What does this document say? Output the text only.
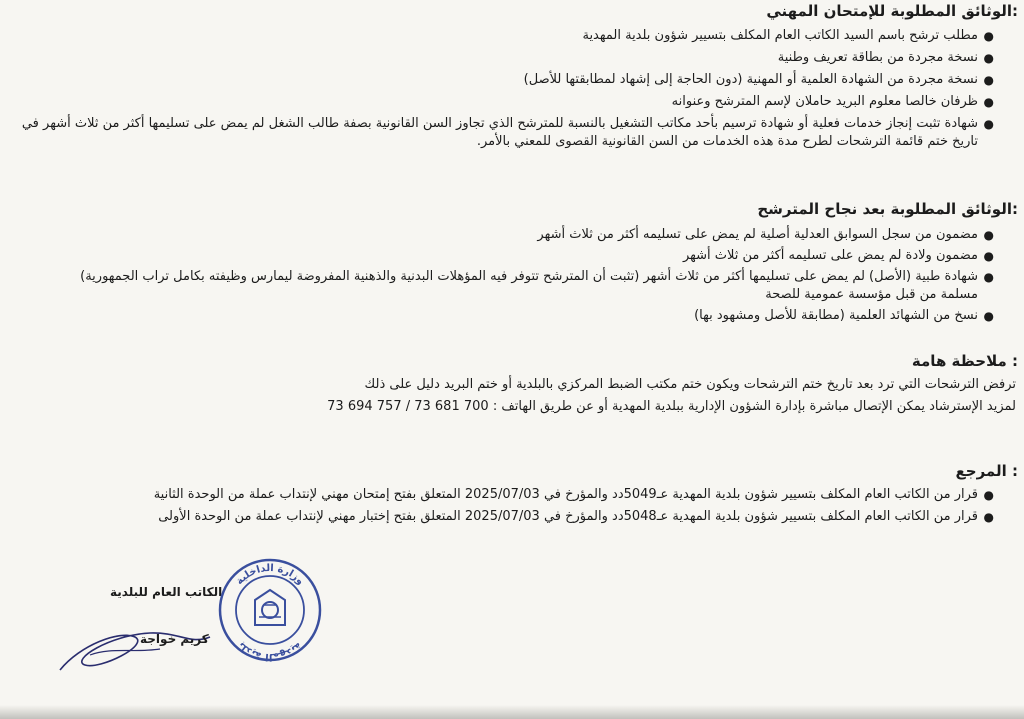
الوثائق المطلوبة للإمتحان المهني:
●
مطلب ترشح باسم السيد الكاتب العام المكلف بتسيير شؤون بلدية المهدية
●
نسخة مجردة من بطاقة تعريف وطنية
●
نسخة مجردة من الشهادة العلمية أو المهنية (دون الحاجة إلى إشهاد لمطابقتها للأصل)
●
ظرفان خالصا معلوم البريد حاملان لإسم المترشح وعنوانه
●
شهادة تثبت إنجاز خدمات فعلية أو شهادة ترسيم بأحد مكاتب التشغيل بالنسبة للمترشح الذي تجاوز السن القانونية بصفة طالب الشغل لم يمض على تسليمها أكثر من ثلاث أشهر في تاريخ ختم قائمة الترشحات لطرح مدة هذه الخدمات من السن القانونية القصوى للمعني بالأمر.
الوثائق المطلوبة بعد نجاح المترشح:
●
مضمون من سجل السوابق العدلية أصلية لم يمض على تسليمه أكثر من ثلاث أشهر
●
مضمون ولادة لم يمض على تسليمه أكثر من ثلاث أشهر
●
شهادة طبية (الأصل) لم يمض على تسليمها أكثر من ثلاث أشهر (تثبت أن المترشح تتوفر فيه المؤهلات البدنية والذهنية المفروضة ليمارس وظيفته بكامل تراب الجمهورية) مسلمة من قبل مؤسسة عمومية للصحة
●
نسخ من الشهائد العلمية (مطابقة للأصل ومشهود بها)
ملاحظة هامة :
ترفض الترشحات التي ترد بعد تاريخ ختم الترشحات ويكون ختم مكتب الضبط المركزي بالبلدية أو ختم البريد دليل على ذلك
لمزيد الإسترشاد يمكن الإتصال مباشرة بإدارة الشؤون الإدارية ببلدية المهدية أو عن طريق الهاتف : 73 694 757 / 73 681 700
المرجع :
●
قرار من الكاتب العام المكلف بتسيير شؤون بلدية المهدية عـ5049دد والمؤرخ في 2025/07/03 المتعلق بفتح إمتحان مهني لإنتداب عملة من الوحدة الثانية
●
قرار من الكاتب العام المكلف بتسيير شؤون بلدية المهدية عـ5048دد والمؤرخ في 2025/07/03 المتعلق بفتح إختبار مهني لإنتداب عملة من الوحدة الأولى
الكاتب العام للبلدية
كريم خواجة
وزارة الداخلية
بلدية المهدية
